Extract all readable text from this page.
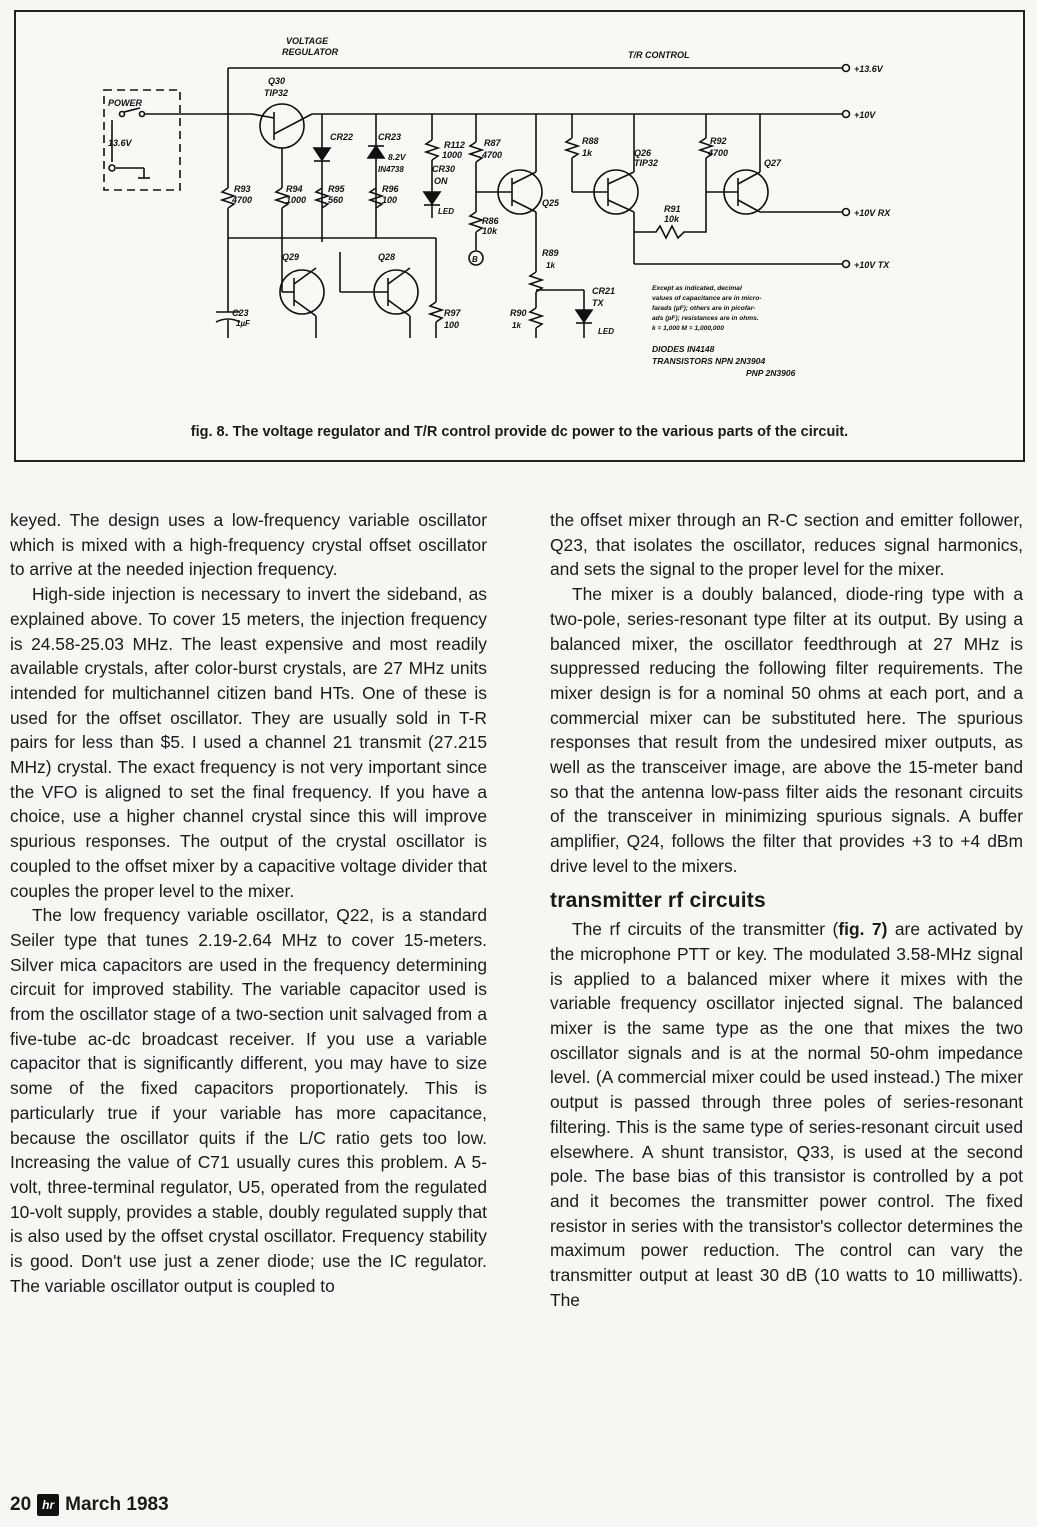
VOLTAGE
REGULATOR	T/R CONTROL
POWER
13.6V
+13.6V
+10V
+10V RX
+10V TX
Q30
TIP32
Q29	Q28
Q25
Q26
TIP32	Q27
CR22	CR23
8.2V
IN4738
R112
1000
CR30
ON
LED
R87
4700
R88
1k
R92
4700
R93
4700
R94
1000
R95
560
R96
100
R86
10k
R91
10k
R89
1k
R90
1k
R97
100
CR21
TX
LED
C23
1µF
B
Except as indicated, decimal
values of capacitance are in micro-
farads (µF); others are in picofar-
ads (pF); resistances are in ohms.
k = 1,000 M = 1,000,000
DIODES IN4148
TRANSISTORS NPN 2N3904
PNP 2N3906
fig. 8. The voltage regulator and T/R control provide dc power to the various parts of the circuit.

keyed. The design uses a low-frequency variable oscillator which is mixed with a high-frequency crystal offset oscillator to arrive at the needed injection frequency.

High-side injection is necessary to invert the sideband, as explained above. To cover 15 meters, the injection frequency is 24.58-25.03 MHz. The least expensive and most readily available crystals, after color-burst crystals, are 27 MHz units intended for multichannel citizen band HTs. One of these is used for the offset oscillator. They are usually sold in T-R pairs for less than $5. I used a channel 21 transmit (27.215 MHz) crystal. The exact frequency is not very important since the VFO is aligned to set the final frequency. If you have a choice, use a higher channel crystal since this will improve spurious responses. The output of the crystal oscillator is coupled to the offset mixer by a capacitive voltage divider that couples the proper level to the mixer.

The low frequency variable oscillator, Q22, is a standard Seiler type that tunes 2.19-2.64 MHz to cover 15-meters. Silver mica capacitors are used in the frequency determining circuit for improved stability. The variable capacitor used is from the oscillator stage of a two-section unit salvaged from a five-tube ac-dc broadcast receiver. If you use a variable capacitor that is significantly different, you may have to size some of the fixed capacitors proportionately. This is particularly true if your variable has more capacitance, because the oscillator quits if the L/C ratio gets too low. Increasing the value of C71 usually cures this problem. A 5-volt, three-terminal regulator, U5, operated from the regulated 10-volt supply, provides a stable, doubly regulated supply that is also used by the offset crystal oscillator. Frequency stability is good. Don't use just a zener diode; use the IC regulator. The variable oscillator output is coupled to

the offset mixer through an R-C section and emitter follower, Q23, that isolates the oscillator, reduces signal harmonics, and sets the signal to the proper level for the mixer.

The mixer is a doubly balanced, diode-ring type with a two-pole, series-resonant type filter at its output. By using a balanced mixer, the oscillator feedthrough at 27 MHz is suppressed reducing the following filter requirements. The mixer design is for a nominal 50 ohms at each port, and a commercial mixer can be substituted here. The spurious responses that result from the undesired mixer outputs, as well as the transceiver image, are above the 15-meter band so that the antenna low-pass filter aids the resonant circuits of the transceiver in minimizing spurious signals. A buffer amplifier, Q24, follows the filter that provides +3 to +4 dBm drive level to the mixers.

transmitter rf circuits

The rf circuits of the transmitter (fig. 7) are activated by the microphone PTT or key. The modulated 3.58-MHz signal is applied to a balanced mixer where it mixes with the variable frequency oscillator injected signal. The balanced mixer is the same type as the one that mixes the two oscillator signals and is at the normal 50-ohm impedance level. (A commercial mixer could be used instead.) The mixer output is passed through three poles of series-resonant filtering. This is the same type of series-resonant circuit used elsewhere. A shunt transistor, Q33, is used at the second pole. The base bias of this transistor is controlled by a pot and it becomes the transmitter power control. The fixed resistor in series with the transistor's collector determines the maximum power reduction. The control can vary the transmitter output at least 30 dB (10 watts to 10 milliwatts). The

20 hr March 1983
